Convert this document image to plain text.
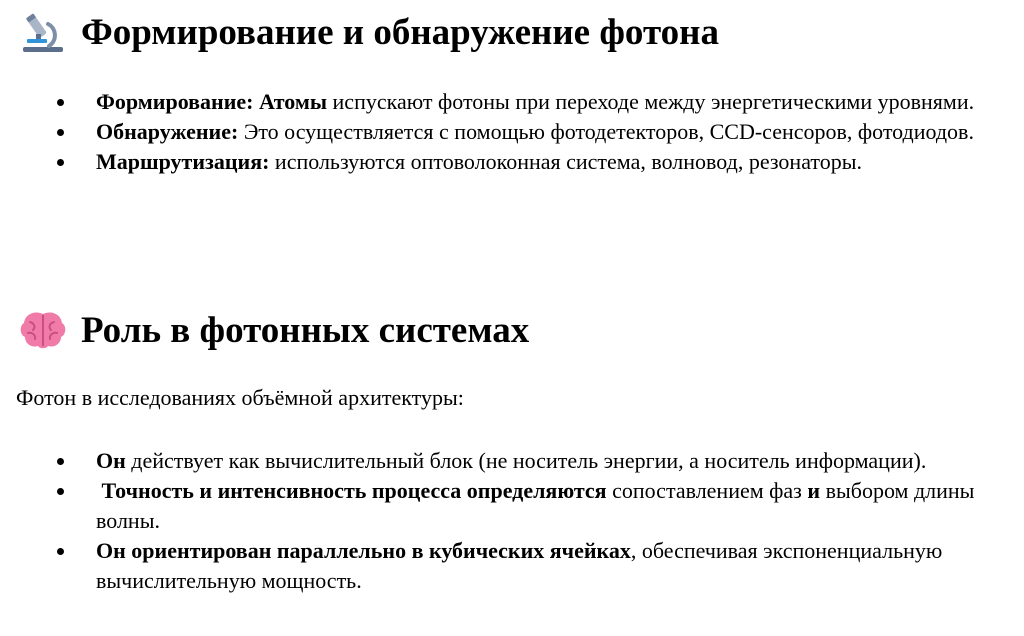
Формирование и обнаружение фотона
Формирование: Атомы испускают фотоны при переходе между энергетическими уровнями.
Обнаружение: Это осуществляется с помощью фотодетекторов, CCD-сенсоров, фотодиодов.
Маршрутизация: используются оптоволоконная система, волновод, резонаторы.
Роль в фотонных системах

Фотон в исследованиях объёмной архитектуры:

Он действует как вычислительный блок (не носитель энергии, а носитель информации).
Точность и интенсивность процесса определяются сопоставлением фаз и выбором длины волны.
Он ориентирован параллельно в кубических ячейках, обеспечивая экспоненциальную вычислительную мощность.
